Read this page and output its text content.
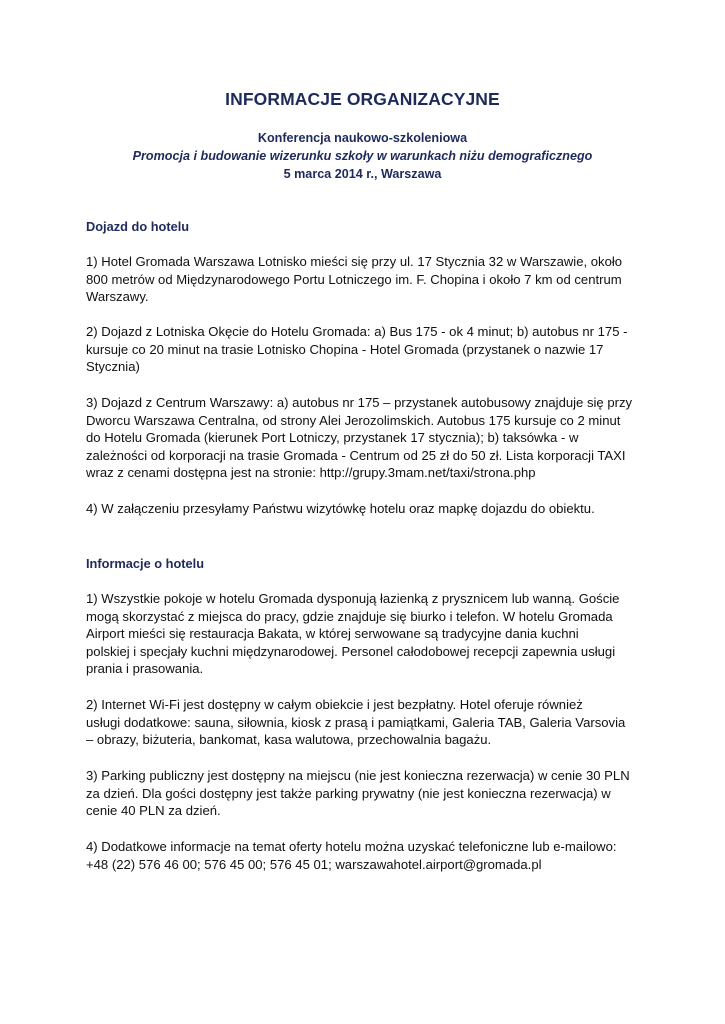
INFORMACJE ORGANIZACYJNE
Konferencja naukowo-szkoleniowa
Promocja i budowanie wizerunku szkoły w warunkach niżu demograficznego
5 marca 2014 r., Warszawa
Dojazd do hotelu
1) Hotel Gromada Warszawa Lotnisko mieści się przy ul. 17 Stycznia 32 w Warszawie, około
800 metrów od Międzynarodowego Portu Lotniczego im. F. Chopina i około 7 km od centrum
Warszawy.
2) Dojazd z Lotniska Okęcie do Hotelu Gromada: a) Bus 175 - ok 4 minut; b) autobus nr 175 -
kursuje co 20 minut na trasie Lotnisko Chopina - Hotel Gromada (przystanek o nazwie 17
Stycznia)
3) Dojazd z Centrum Warszawy: a) autobus nr 175 – przystanek autobusowy znajduje się przy
Dworcu Warszawa Centralna, od strony Alei Jerozolimskich. Autobus 175 kursuje co 2 minut
do Hotelu Gromada (kierunek Port Lotniczy, przystanek 17 stycznia); b) taksówka - w
zależności od korporacji na trasie Gromada - Centrum od 25 zł do 50 zł. Lista korporacji TAXI
wraz z cenami dostępna jest na stronie: http://grupy.3mam.net/taxi/strona.php
4) W załączeniu przesyłamy Państwu wizytówkę hotelu oraz mapkę dojazdu do obiektu.
Informacje o hotelu
1) Wszystkie pokoje w hotelu Gromada dysponują łazienką z prysznicem lub wanną. Goście
mogą skorzystać z miejsca do pracy, gdzie znajduje się biurko i telefon. W hotelu Gromada
Airport mieści się restauracja Bakata, w której serwowane są tradycyjne dania kuchni
polskiej i specjały kuchni międzynarodowej. Personel całodobowej recepcji zapewnia usługi
prania i prasowania.
2) Internet Wi-Fi jest dostępny w całym obiekcie i jest bezpłatny. Hotel oferuje również
usługi dodatkowe: sauna, siłownia, kiosk z prasą i pamiątkami, Galeria TAB, Galeria Varsovia
– obrazy, biżuteria, bankomat, kasa walutowa, przechowalnia bagażu.
3) Parking publiczny jest dostępny na miejscu (nie jest konieczna rezerwacja) w cenie 30 PLN
za dzień. Dla gości dostępny jest także parking prywatny (nie jest konieczna rezerwacja) w
cenie 40 PLN za dzień.
4) Dodatkowe informacje na temat oferty hotelu można uzyskać telefoniczne lub e-mailowo:
+48 (22) 576 46 00; 576 45 00; 576 45 01; warszawahotel.airport@gromada.pl
